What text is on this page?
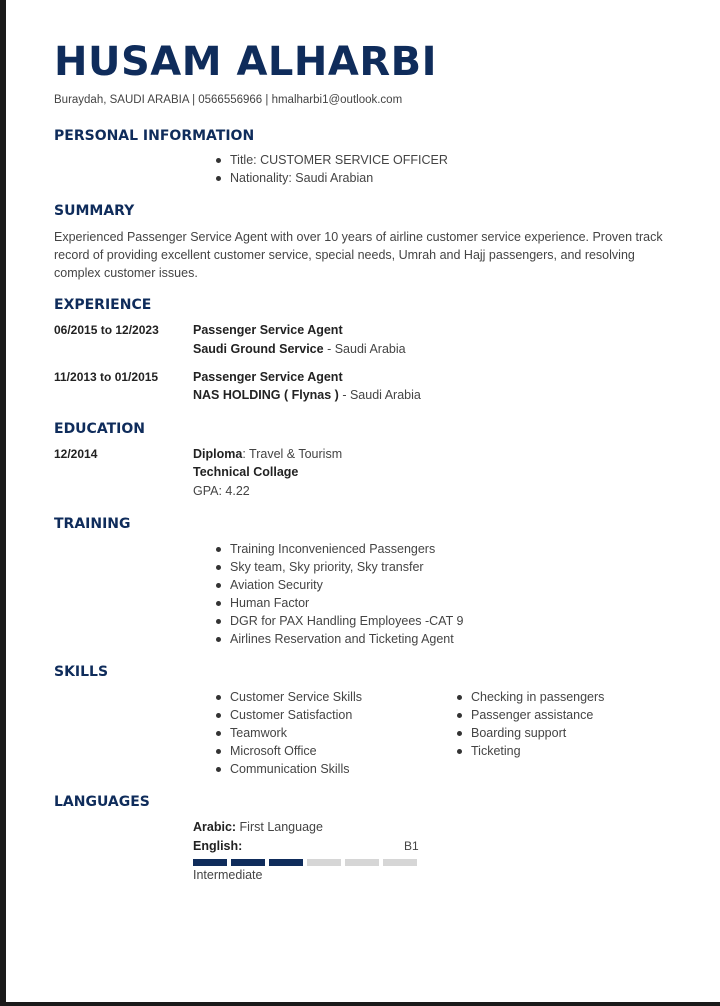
HUSAM ALHARBI
Buraydah, SAUDI ARABIA | 0566556966 | hmalharbi1@outlook.com
PERSONAL INFORMATION
Title: CUSTOMER SERVICE OFFICER
Nationality: Saudi Arabian
SUMMARY

Experienced Passenger Service Agent with over 10 years of airline customer service experience. Proven track record of providing excellent customer service, special needs, Umrah and Hajj passengers, and resolving complex customer issues.

EXPERIENCE
06/2015 to 12/2023	Passenger Service Agent
Saudi Ground Service - Saudi Arabia
11/2013 to 01/2015	Passenger Service Agent
NAS HOLDING ( Flynas ) - Saudi Arabia
EDUCATION
12/2014	Diploma: Travel & Tourism
Technical Collage
GPA: 4.22
TRAINING
Training Inconvenienced Passengers
Sky team, Sky priority, Sky transfer
Aviation Security
Human Factor
DGR for PAX Handling Employees -CAT 9
Airlines Reservation and Ticketing Agent
SKILLS
Customer Service Skills
Customer Satisfaction
Teamwork
Microsoft Office
Communication Skills
Checking in passengers
Passenger assistance
Boarding support
Ticketing
LANGUAGES
Arabic: First Language
English:	B1
Intermediate
